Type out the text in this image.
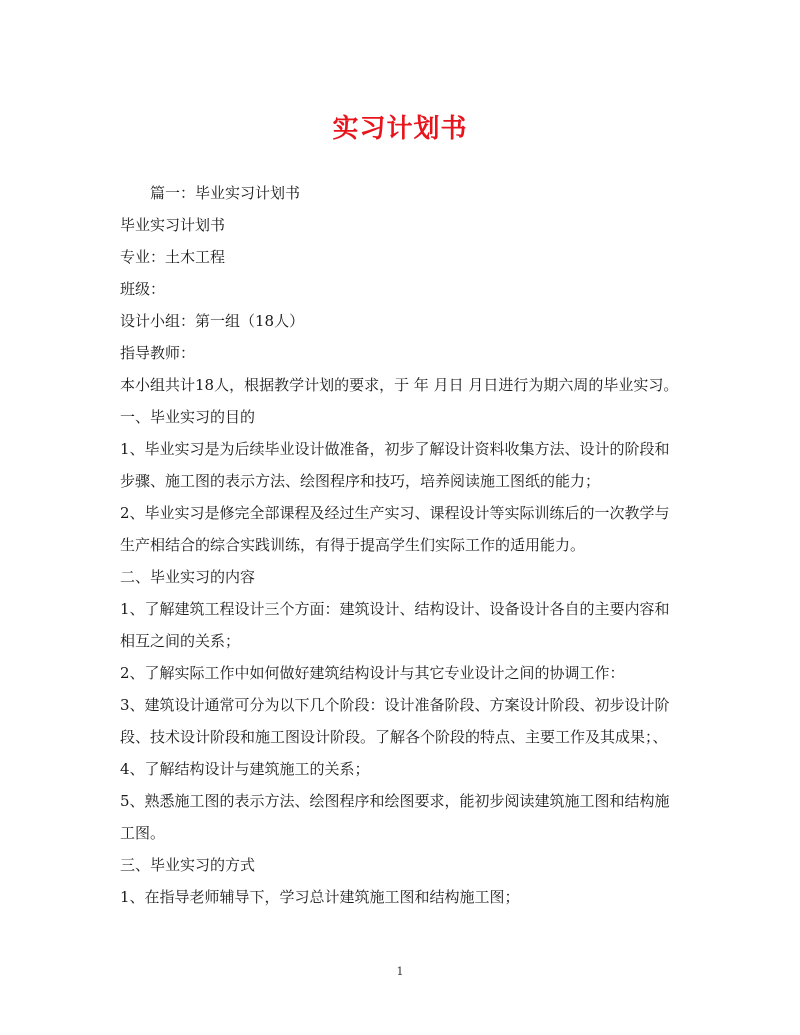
实习计划书

篇一：毕业实习计划书

毕业实习计划书

专业：土木工程

班级：

设计小组：第一组（18人）

指导教师：

本小组共计18人，根据教学计划的要求，于 年 月日 月日进行为期六周的毕业实习。

一、毕业实习的目的

1、毕业实习是为后续毕业设计做准备，初步了解设计资料收集方法、设计的阶段和步骤、施工图的表示方法、绘图程序和技巧，培养阅读施工图纸的能力；

2、毕业实习是修完全部课程及经过生产实习、课程设计等实际训练后的一次教学与生产相结合的综合实践训练，有得于提高学生们实际工作的适用能力。

二、毕业实习的内容

1、了解建筑工程设计三个方面：建筑设计、结构设计、设备设计各自的主要内容和相互之间的关系；

2、了解实际工作中如何做好建筑结构设计与其它专业设计之间的协调工作：

3、建筑设计通常可分为以下几个阶段：设计准备阶段、方案设计阶段、初步设计阶段、技术设计阶段和施工图设计阶段。了解各个阶段的特点、主要工作及其成果；、

4、了解结构设计与建筑施工的关系；

5、熟悉施工图的表示方法、绘图程序和绘图要求，能初步阅读建筑施工图和结构施工图。

三、毕业实习的方式

1、在指导老师辅导下，学习总计建筑施工图和结构施工图；

1
